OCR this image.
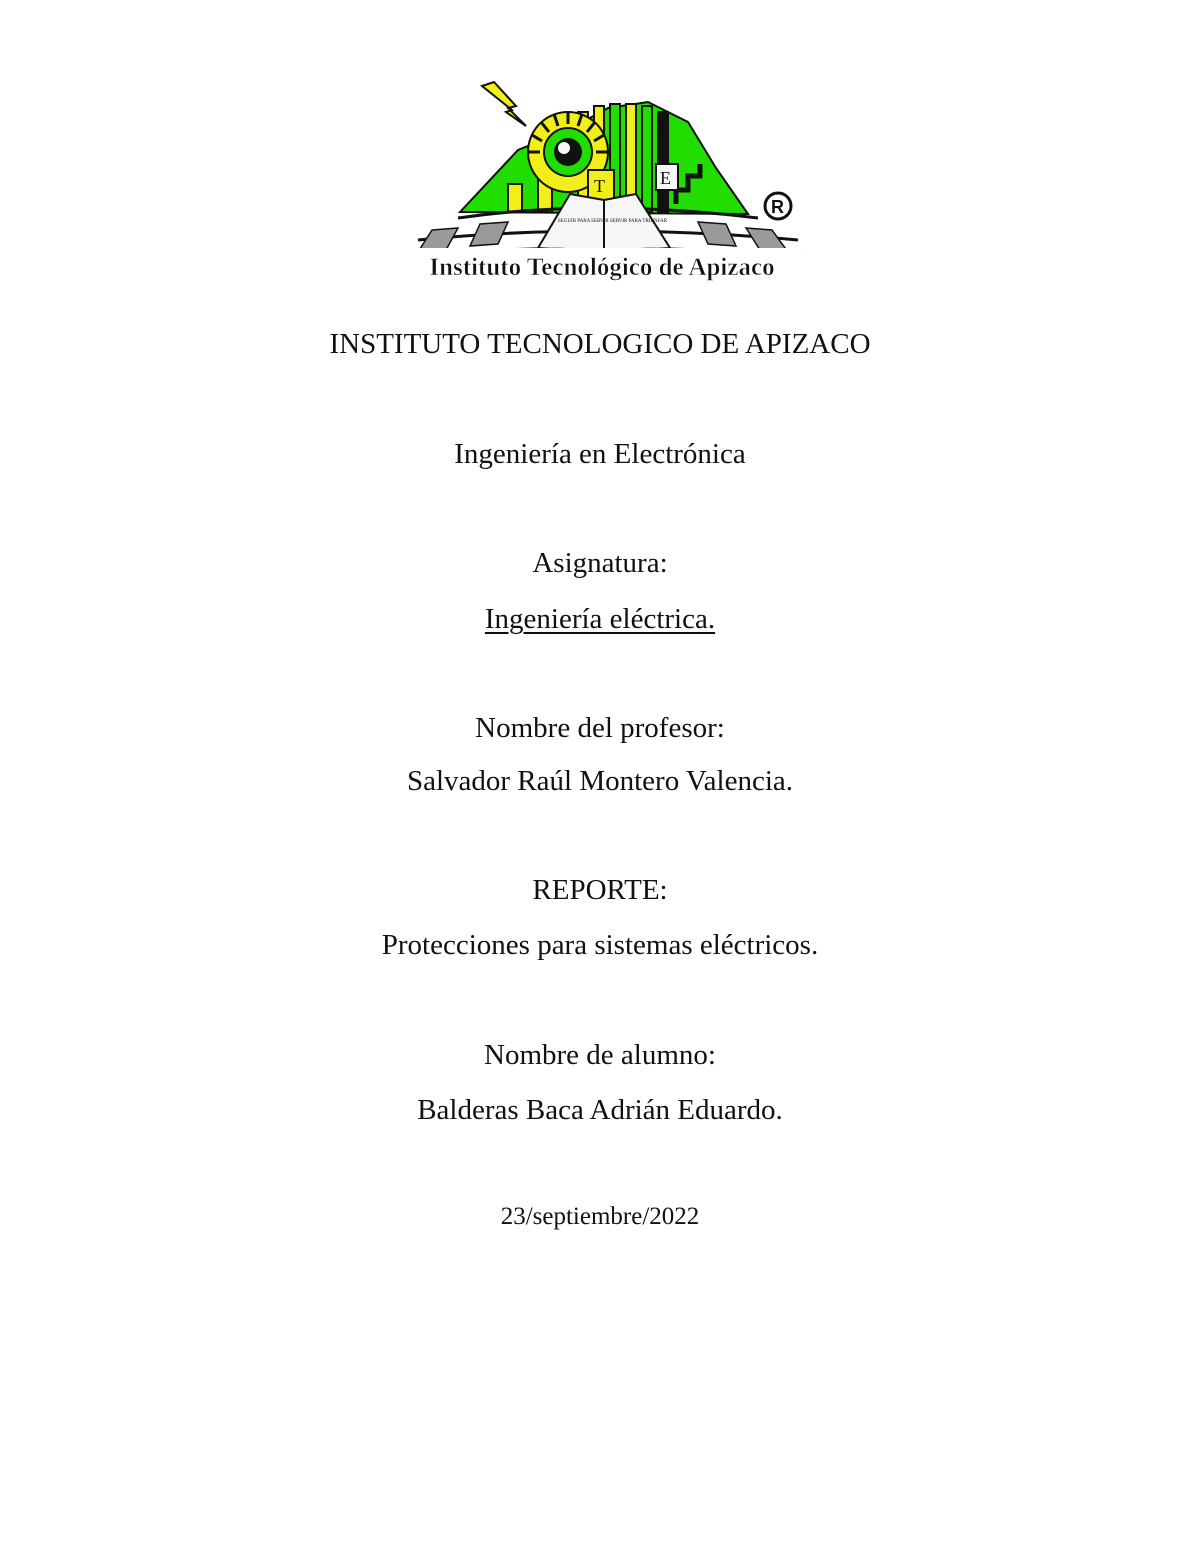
E
T
SEGUIR PARA SERVIR SERVIR PARA TRIUNFAR
R
Instituto Tecnológico de Apizaco
INSTITUTO TECNOLOGICO DE APIZACO
Ingeniería en Electrónica
Asignatura:
Ingeniería eléctrica.
Nombre del profesor:
Salvador Raúl Montero Valencia.
REPORTE:
Protecciones para sistemas eléctricos.
Nombre de alumno:
Balderas Baca Adrián Eduardo.
23/septiembre/2022
